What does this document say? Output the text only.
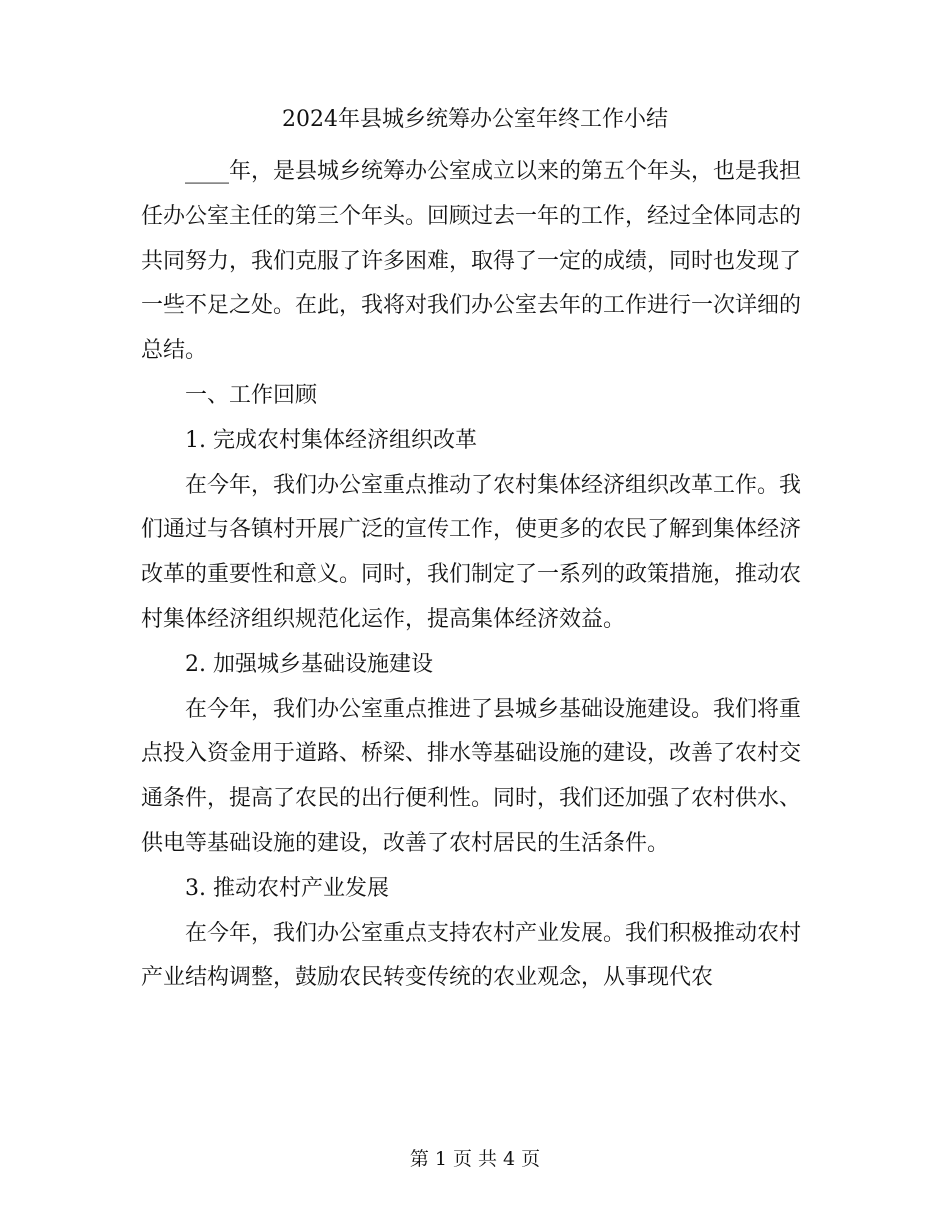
2024年县城乡统筹办公室年终工作小结

____年，是县城乡统筹办公室成立以来的第五个年头，也是我担任办公室主任的第三个年头。回顾过去一年的工作，经过全体同志的共同努力，我们克服了许多困难，取得了一定的成绩，同时也发现了一些不足之处。在此，我将对我们办公室去年的工作进行一次详细的总结。

一、工作回顾

1. 完成农村集体经济组织改革

在今年，我们办公室重点推动了农村集体经济组织改革工作。我们通过与各镇村开展广泛的宣传工作，使更多的农民了解到集体经济改革的重要性和意义。同时，我们制定了一系列的政策措施，推动农村集体经济组织规范化运作，提高集体经济效益。

2. 加强城乡基础设施建设

在今年，我们办公室重点推进了县城乡基础设施建设。我们将重点投入资金用于道路、桥梁、排水等基础设施的建设，改善了农村交通条件，提高了农民的出行便利性。同时，我们还加强了农村供水、供电等基础设施的建设，改善了农村居民的生活条件。

3. 推动农村产业发展

在今年，我们办公室重点支持农村产业发展。我们积极推动农村产业结构调整，鼓励农民转变传统的农业观念，从事现代农

第 1 页 共 4 页
